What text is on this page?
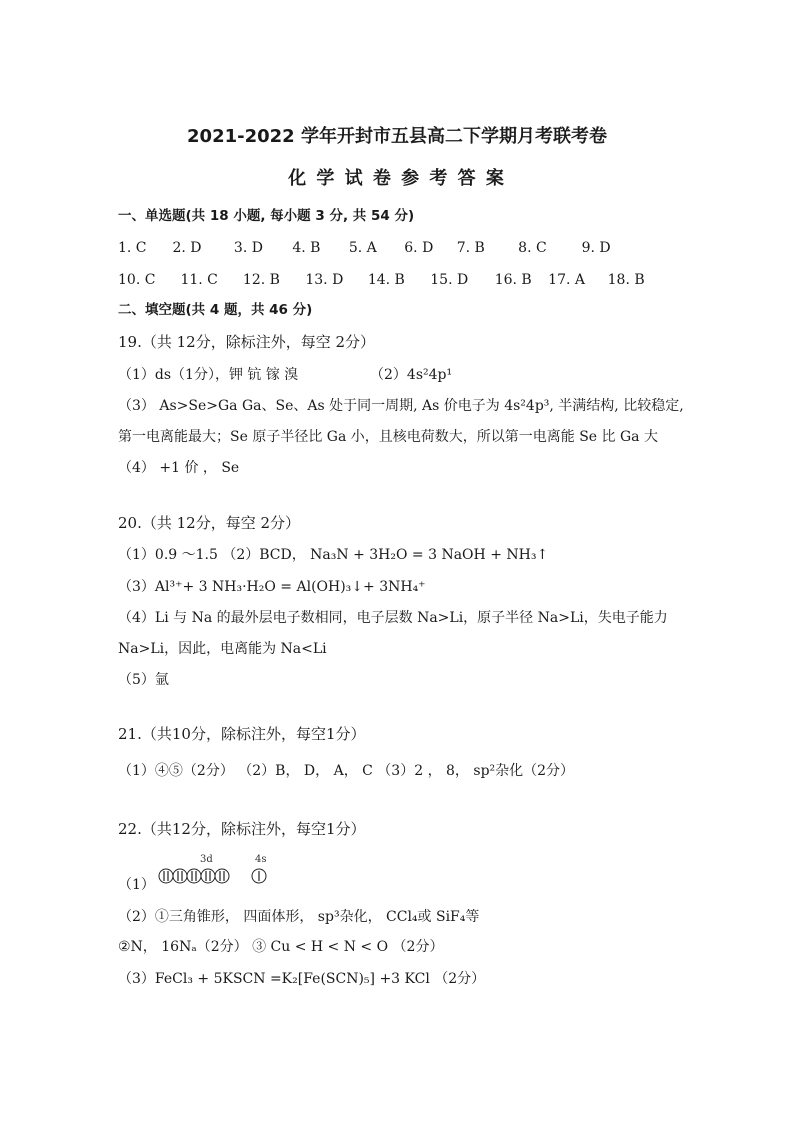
2021-2022 学年开封市五县高二下学期月考联考卷
化 学 试 卷 参 考 答 案
一、单选题(共 18 小题, 每小题 3 分, 共 54 分)
1. C 2. D 3. D 4. B 5. A 6. D 7. B 8. C 9. D
10. C 11. C 12. B 13. D 14. B 15. D 16. B 17. A 18. B
二、填空题(共 4 题，共 46 分)
19.（共 12分，除标注外，每空 2分）
（1）ds（1分），钾 钪 镓 溴	（2）4s²4p¹
（3） As>Se>Ga Ga、Se、As 处于同一周期, As 价电子为 4s²4p³, 半满结构, 比较稳定,
第一电离能最大；Se 原子半径比 Ga 小，且核电荷数大，所以第一电离能 Se 比 Ga 大
（4） +1 价 ， Se
20.（共 12分，每空 2分）
（1）0.9 ～1.5 （2）BCD， Na₃N + 3H₂O = 3 NaOH + NH₃↑
（3）Al³⁺+ 3 NH₃·H₂O = Al(OH)₃↓+ 3NH₄⁺
（4）Li 与 Na 的最外层电子数相同，电子层数 Na>Li，原子半径 Na>Li，失电子能力
Na>Li，因此，电离能为 Na<Li
（5）氩
21.（共10分，除标注外，每空1分）
（1）④⑤（2分） （2）B， D， A， C （3）2 ， 8， sp²杂化（2分）
22.（共12分，除标注外，每空1分）
（1）
3d	4s
（2）①三角锥形， 四面体形， sp³杂化， CCl₄或 SiF₄等
②N， 16Nₐ（2分） ③ Cu < H < N < O （2分）
（3）FeCl₃ + 5KSCN =K₂[Fe(SCN)₅] +3 KCl （2分）
